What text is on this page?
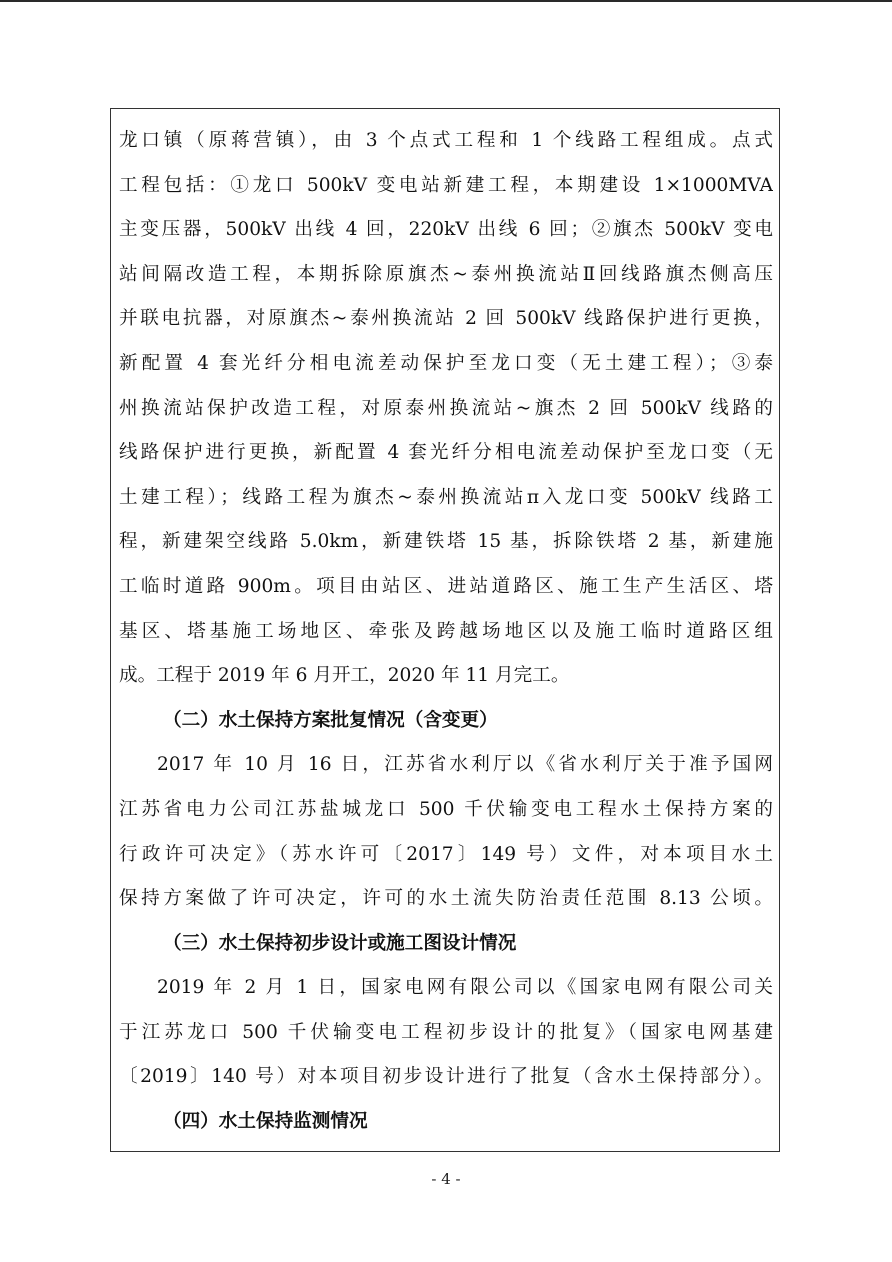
龙口镇（原蒋营镇），由 3 个点式工程和 1 个线路工程组成。点式
工程包括：①龙口 500kV 变电站新建工程，本期建设 1×1000MVA
主变压器，500kV 出线 4 回，220kV 出线 6 回；②旗杰 500kV 变电
站间隔改造工程，本期拆除原旗杰~泰州换流站Ⅱ回线路旗杰侧高压
并联电抗器，对原旗杰~泰州换流站 2 回 500kV 线路保护进行更换，
新配置 4 套光纤分相电流差动保护至龙口变（无土建工程）；③泰
州换流站保护改造工程，对原泰州换流站~旗杰 2 回 500kV 线路的
线路保护进行更换，新配置 4 套光纤分相电流差动保护至龙口变（无
土建工程）；线路工程为旗杰~泰州换流站π入龙口变 500kV 线路工
程，新建架空线路 5.0km，新建铁塔 15 基，拆除铁塔 2 基，新建施
工临时道路 900m。项目由站区、进站道路区、施工生产生活区、塔
基区、塔基施工场地区、牵张及跨越场地区以及施工临时道路区组
成。工程于 2019 年 6 月开工，2020 年 11 月完工。
（二）水土保持方案批复情况（含变更）
2017 年 10 月 16 日，江苏省水利厅以《省水利厅关于准予国网
江苏省电力公司江苏盐城龙口 500 千伏输变电工程水土保持方案的
行政许可决定》（苏水许可〔2017〕149 号）文件，对本项目水土
保持方案做了许可决定，许可的水土流失防治责任范围 8.13 公顷。
（三）水土保持初步设计或施工图设计情况
2019 年 2 月 1 日，国家电网有限公司以《国家电网有限公司关
于江苏龙口 500 千伏输变电工程初步设计的批复》（国家电网基建
〔2019〕140 号）对本项目初步设计进行了批复（含水土保持部分）。
（四）水土保持监测情况
- 4 -
